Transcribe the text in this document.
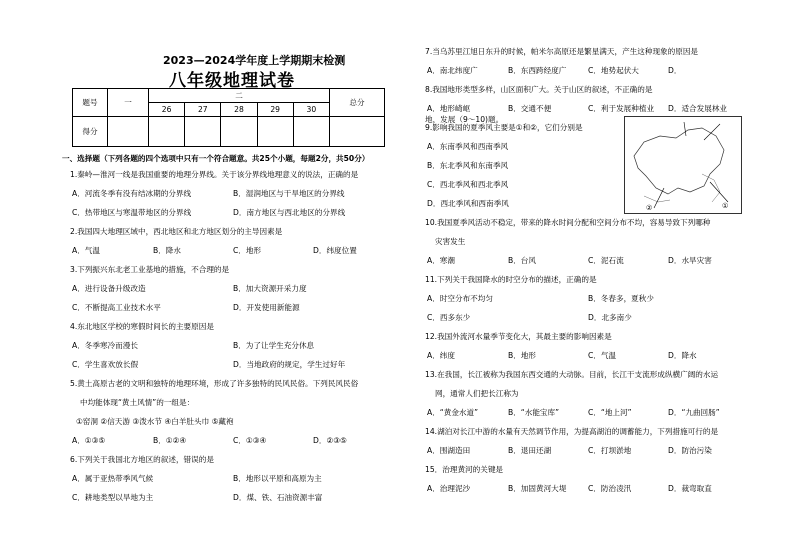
2023—2024学年度上学期期末检测
八年级地理试卷
题号	一	二					总分
		26	27	28	29	30	
得分							
一、选择题（下列各题的四个选项中只有一个符合题意。共25个小题，每题2分，共50分）
1.秦岭—淮河一线是我国重要的地理分界线。关于该分界线地理意义的说法，正确的是
A．河流冬季有没有结冰期的分界线	B．湿润地区与干旱地区的分界线
C．热带地区与寒温带地区的分界线	D．南方地区与西北地区的分界线
2.我国四大地理区域中，西北地区和北方地区划分的主导因素是
A．气温	B．降水	C．地形	D．纬度位置
3.下列振兴东北老工业基地的措施，不合理的是
A．进行设备升级改造	B．加大资源开采力度
C．不断提高工业技术水平	D．开发使用新能源
4.东北地区学校的寒假时间长的主要原因是
A．冬季寒冷而漫长	B．为了让学生充分休息
C．学生喜欢放长假	D．当地政府的规定，学生过好年
5.黄土高原古老的文明和独特的地理环境，形成了许多独特的民风民俗。下列民风民俗
中均能体现“黄土风情”的一组是：
①窑洞 ②信天游 ③泼水节 ④白羊肚头巾 ⑤藏袍
A．①③⑤	B．①②④	C．①③④	D．②③⑤
6.下列关于我国北方地区的叙述，错误的是
A．属于亚热带季风气候	B．地形以平原和高原为主
C．耕地类型以旱地为主	D．煤、铁、石油资源丰富
7.当乌苏里江旭日东升的时候，帕米尔高原还是繁星满天，产生这种现象的原因是
A．南北纬度广	B．东西跨经度广	C．地势起伏大	D．
8.我国地形类型多样，山区面积广大。关于山区的叙述，不正确的是
A．地形崎岖	B．交通不便	C．利于发展种植业 D．适合发展林业
9.影响我国的夏季风主要是①和②，它们分别是
A．东南季风和西南季风
B．东北季风和东南季风
C．西北季风和西北季风
D．西北季风和西南季风
10.我国夏季风活动不稳定，带来的降水时间分配和空间分布不均，容易导致下列哪种
灾害发生
A．寒潮	B．台风	C．泥石流	D．水旱灾害
11.下列关于我国降水的时空分布的描述，正确的是
A．时空分布不均匀	B．冬春多，夏秋少
C．西多东少	D．北多南少
12.我国外流河水量季节变化大，其最主要的影响因素是
A．纬度	B．地形	C．气温	D．降水
13.在我国，长江被称为我国东西交通的大动脉。目前，长江干支流形成纵横广阔的水运
网，通常人们把长江称为
A．“黄金水道”	B．“水能宝库”	C．“地上河”	D．“九曲回肠”
14.湖泊对长江中游的水量有天然调节作用，为提高湖泊的调蓄能力，下列措施可行的是
A．围湖造田	B．退田还湖	C．打坝淤地	D．防治污染
15．治理黄河的关键是
A．治理泥沙	B．加固黄河大堤	C．防治凌汛	D．裁弯取直
①
②
地，发展（9～10)题。
